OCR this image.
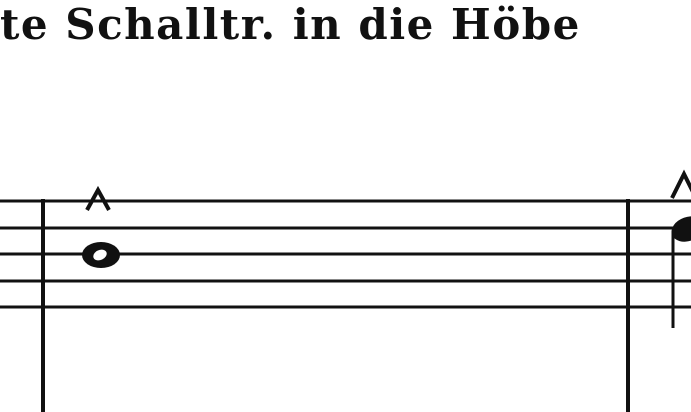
te Schalltr. in die Höbe
